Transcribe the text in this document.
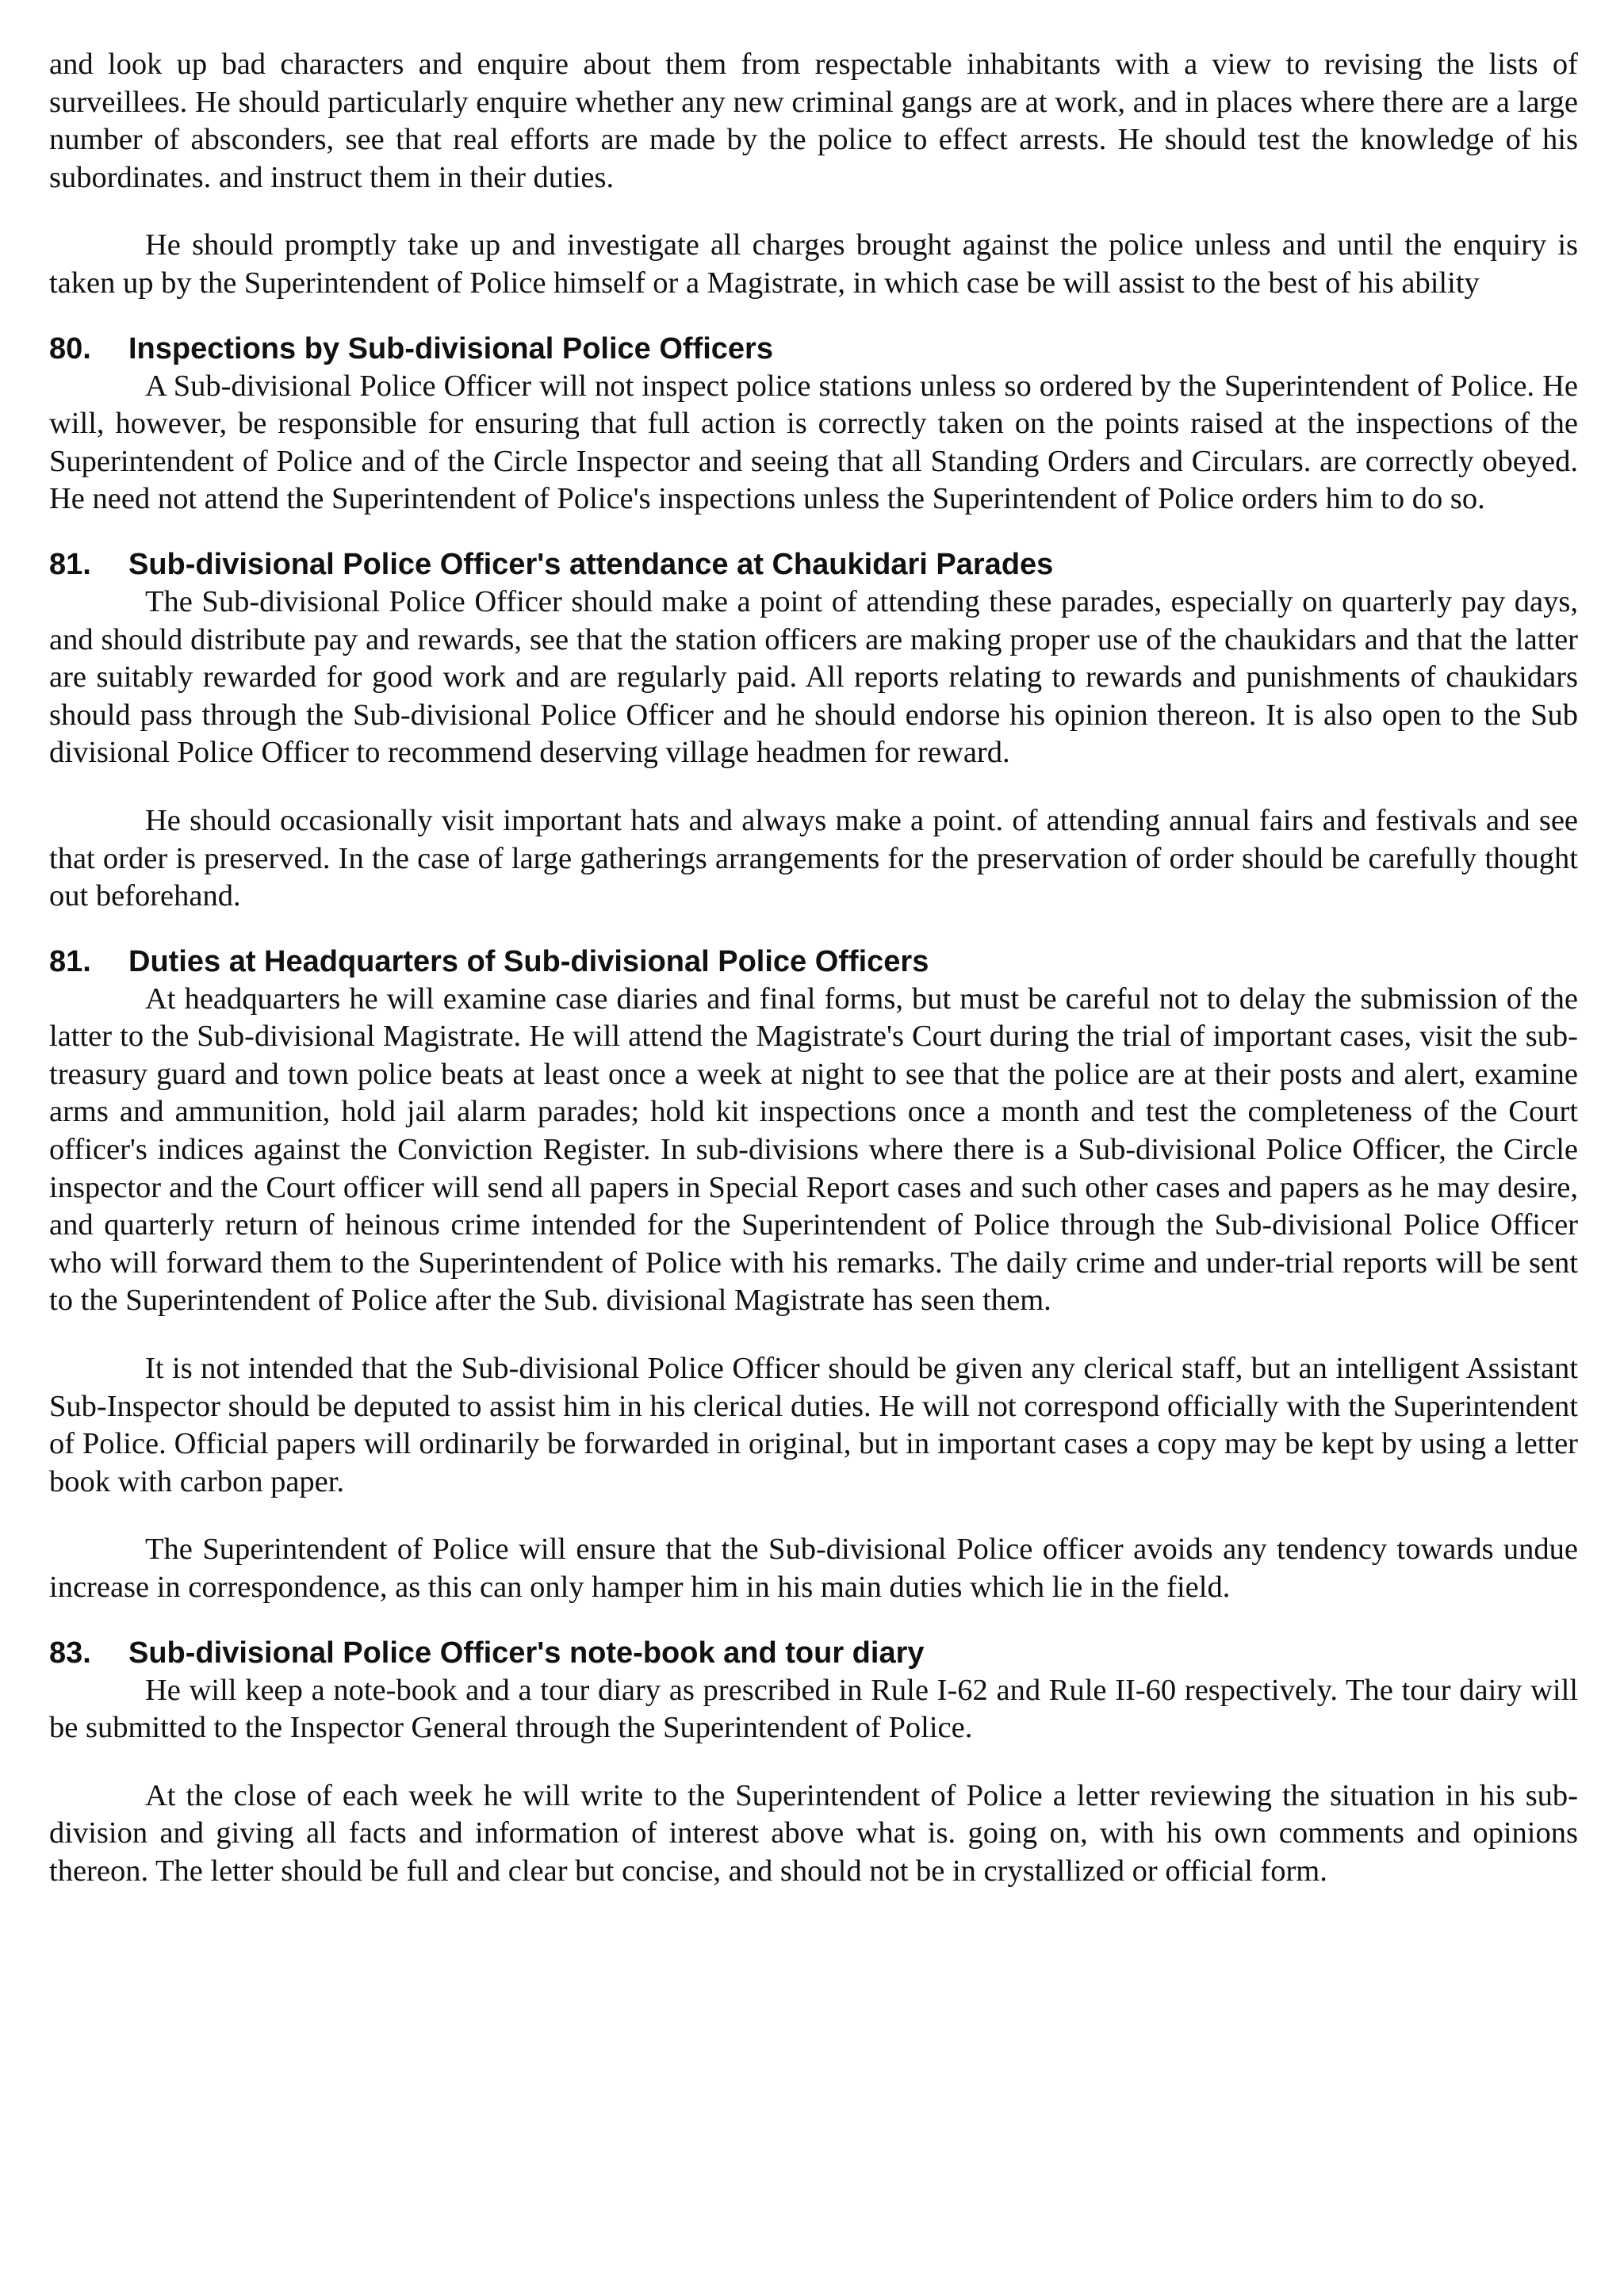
and look up bad characters and enquire about them from respectable inhabitants with a view to revising the lists of surveillees. He should particularly enquire whether any new criminal gangs are at work, and in places where there are a large number of absconders, see that real efforts are made by the police to effect arrests. He should test the knowledge of his subordinates. and instruct them in their duties.

He should promptly take up and investigate all charges brought against the police unless and until the enquiry is taken up by the Superintendent of Police himself or a Magistrate, in which case be will assist to the best of his ability

80.	Inspections by Sub-divisional Police Officers

A Sub-divisional Police Officer will not inspect police stations unless so ordered by the Superintendent of Police. He will, however, be responsible for ensuring that full action is correctly taken on the points raised at the inspections of the Superintendent of Police and of the Circle Inspector and seeing that all Standing Orders and Circulars. are correctly obeyed. He need not attend the Superintendent of Police's inspections unless the Superintendent of Police orders him to do so.

81.	Sub-divisional Police Officer's attendance at Chaukidari Parades

The Sub-divisional Police Officer should make a point of attending these parades, especially on quarterly pay days, and should distribute pay and rewards, see that the station officers are making proper use of the chaukidars and that the latter are suitably rewarded for good work and are regularly paid. All reports relating to rewards and punishments of chaukidars should pass through the Sub-divisional Police Officer and he should endorse his opinion thereon. It is also open to the Sub divisional Police Officer to recommend deserving village headmen for reward.

He should occasionally visit important hats and always make a point. of attending annual fairs and festivals and see that order is preserved. In the case of large gatherings arrangements for the preservation of order should be carefully thought out beforehand.

81.	Duties at Headquarters of Sub-divisional Police Officers

At headquarters he will examine case diaries and final forms, but must be careful not to delay the submission of the latter to the Sub-divisional Magistrate. He will attend the Magistrate's Court during the trial of important cases, visit the sub-treasury guard and town police beats at least once a week at night to see that the police are at their posts and alert, examine arms and ammunition, hold jail alarm parades; hold kit inspections once a month and test the completeness of the Court officer's indices against the Conviction Register. In sub-divisions where there is a Sub-divisional Police Officer, the Circle inspector and the Court officer will send all papers in Special Report cases and such other cases and papers as he may desire, and quarterly return of heinous crime intended for the Superintendent of Police through the Sub-divisional Police Officer who will forward them to the Superintendent of Police with his remarks. The daily crime and under-trial reports will be sent to the Superintendent of Police after the Sub. divisional Magistrate has seen them.

It is not intended that the Sub-divisional Police Officer should be given any clerical staff, but an intelligent Assistant Sub-Inspector should be deputed to assist him in his clerical duties. He will not correspond officially with the Superintendent of Police. Official papers will ordinarily be forwarded in original, but in important cases a copy may be kept by using a letter book with carbon paper.

The Superintendent of Police will ensure that the Sub-divisional Police officer avoids any tendency towards undue increase in correspondence, as this can only hamper him in his main duties which lie in the field.

83.	Sub-divisional Police Officer's note-book and tour diary

He will keep a note-book and a tour diary as prescribed in Rule I-62 and Rule II-60 respectively. The tour dairy will be submitted to the Inspector General through the Superintendent of Police.

At the close of each week he will write to the Superintendent of Police a letter reviewing the situation in his sub-division and giving all facts and information of interest above what is. going on, with his own comments and opinions thereon. The letter should be full and clear but concise, and should not be in crystallized or official form.
